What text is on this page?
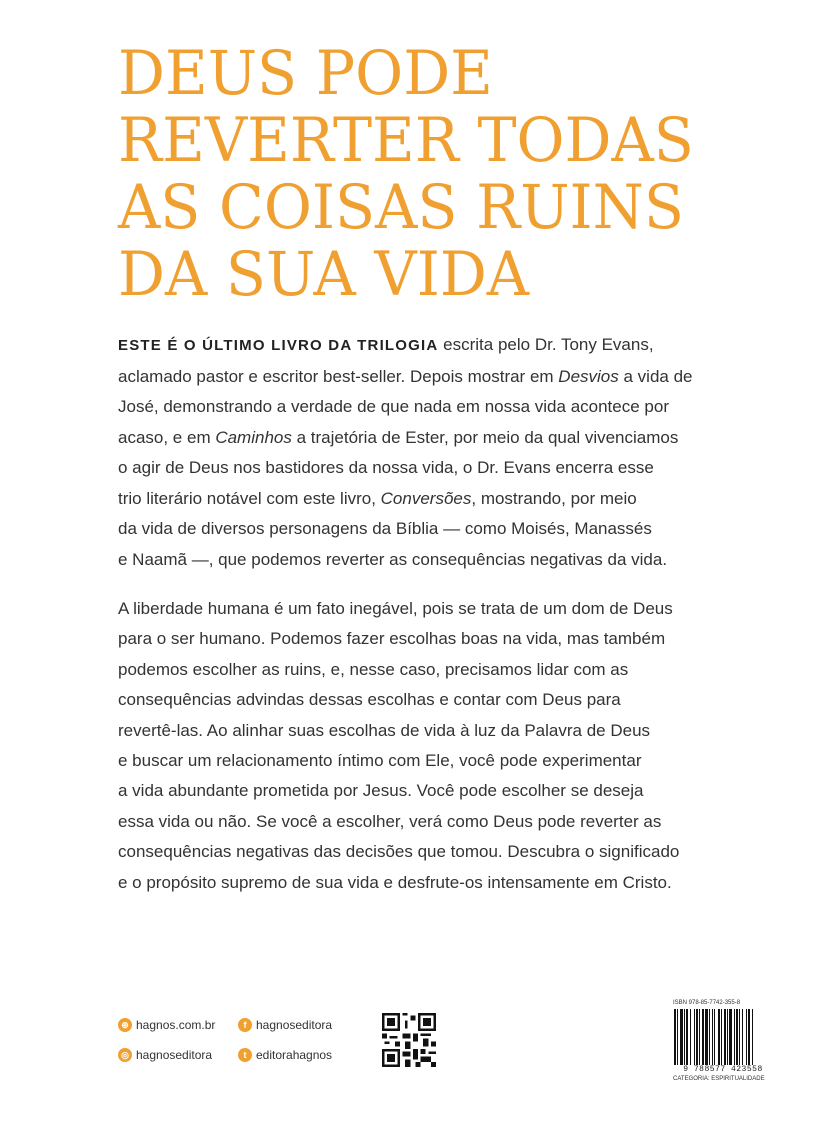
DEUS PODE
REVERTER TODAS
AS COISAS RUINS
DA SUA VIDA

ESTE É O ÚLTIMO LIVRO DA TRILOGIA escrita pelo Dr. Tony Evans,
aclamado pastor e escritor best-seller. Depois mostrar em Desvios a vida de
José, demonstrando a verdade de que nada em nossa vida acontece por
acaso, e em Caminhos a trajetória de Ester, por meio da qual vivenciamos
o agir de Deus nos bastidores da nossa vida, o Dr. Evans encerra esse
trio literário notável com este livro, Conversões, mostrando, por meio
da vida de diversos personagens da Bíblia — como Moisés, Manassés
e Naamã —, que podemos reverter as consequências negativas da vida.

A liberdade humana é um fato inegável, pois se trata de um dom de Deus
para o ser humano. Podemos fazer escolhas boas na vida, mas também
podemos escolher as ruins, e, nesse caso, precisamos lidar com as
consequências advindas dessas escolhas e contar com Deus para
revertê-las. Ao alinhar suas escolhas de vida à luz da Palavra de Deus
e buscar um relacionamento íntimo com Ele, você pode experimentar
a vida abundante prometida por Jesus. Você pode escolher se deseja
essa vida ou não. Se você a escolher, verá como Deus pode reverter as
consequências negativas das decisões que tomou. Descubra o significado
e o propósito supremo de sua vida e desfrute-os intensamente em Cristo.

⊕ hagnos.com.br	f hagnoseditora
◎ hagnoseditora	t editorahagnos
ISBN 978-85-7742-355-8
9 788577 423558
CATEGORIA: ESPIRITUALIDADE
